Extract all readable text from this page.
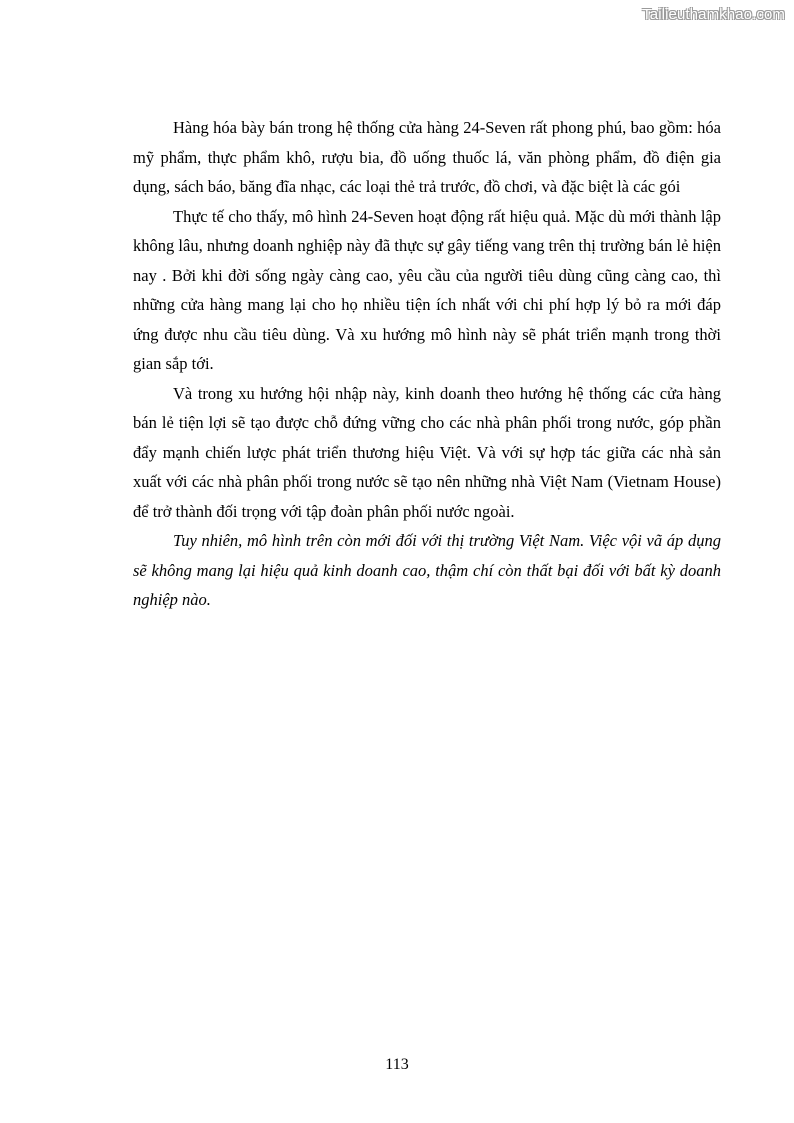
Tailieuthamkhao.com

Hàng hóa bày bán trong hệ thống cửa hàng 24-Seven rất phong phú, bao gồm: hóa mỹ phẩm, thực phẩm khô, rượu bia, đồ uống thuốc lá, văn phòng phẩm, đồ điện gia dụng, sách báo, băng đĩa nhạc, các loại thẻ trả trước, đồ chơi, và đặc biệt là các gói

Thực tế cho thấy, mô hình 24-Seven hoạt động rất hiệu quả. Mặc dù mới thành lập không lâu, nhưng doanh nghiệp này đã thực sự gây tiếng vang trên thị trường bán lẻ hiện nay . Bởi khi đời sống ngày càng cao, yêu cầu của người tiêu dùng cũng càng cao, thì những cửa hàng mang lại cho họ nhiều tiện ích nhất với chi phí hợp lý bỏ ra mới đáp ứng được nhu cầu tiêu dùng. Và xu hướng mô hình này sẽ phát triển mạnh trong thời gian sắp tới.

Và trong xu hướng hội nhập này, kinh doanh theo hướng hệ thống các cửa hàng bán lẻ tiện lợi sẽ tạo được chỗ đứng vững cho các nhà phân phối trong nước, góp phần đẩy mạnh chiến lược phát triển thương hiệu Việt. Và với sự hợp tác giữa các nhà sản xuất với các nhà phân phối trong nước sẽ tạo nên những nhà Việt Nam (Vietnam House) để trở thành đối trọng với tập đoàn phân phối nước ngoài.

Tuy nhiên, mô hình trên còn mới đối với thị trường Việt Nam. Việc vội vã áp dụng sẽ không mang lại hiệu quả kinh doanh cao, thậm chí còn thất bại đối với bất kỳ doanh nghiệp nào.

113
